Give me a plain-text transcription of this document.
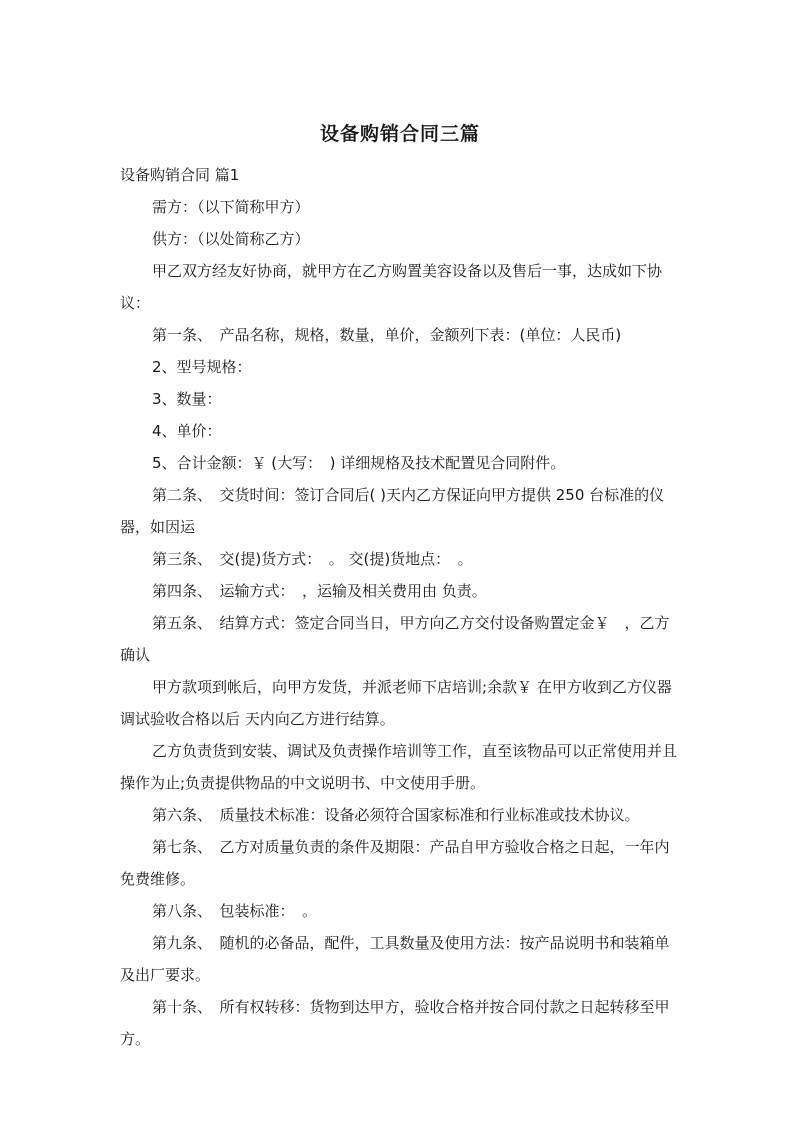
设备购销合同三篇

设备购销合同 篇1

需方：（以下简称甲方）

供方：（以处简称乙方）

甲乙双方经友好协商，就甲方在乙方购置美容设备以及售后一事，达成如下协议：

第一条、　产品名称，规格，数量，单价，金额列下表：(单位：人民币)

2、型号规格：

3、数量：

4、单价：

5、合计金额：￥ (大写：　) 详细规格及技术配置见合同附件。

第二条、　交货时间：签订合同后( )天内乙方保证向甲方提供 250 台标准的仪器，如因运

第三条、　交(提)货方式：　。 交(提)货地点：　。

第四条、　运输方式：　，运输及相关费用由 负责。

第五条、　结算方式：签定合同当日，甲方向乙方交付设备购置定金￥　，乙方确认

甲方款项到帐后，向甲方发货，并派老师下店培训;余款￥ 在甲方收到乙方仪器调试验收合格以后 天内向乙方进行结算。

乙方负责货到安装、调试及负责操作培训等工作，直至该物品可以正常使用并且操作为止;负责提供物品的中文说明书、中文使用手册。

第六条、　质量技术标准：设备必须符合国家标准和行业标准或技术协议。

第七条、　乙方对质量负责的条件及期限：产品自甲方验收合格之日起，一年内免费维修。

第八条、　包装标准：　。

第九条、　随机的必备品，配件，工具数量及使用方法：按产品说明书和装箱单及出厂要求。

第十条、　所有权转移：货物到达甲方，验收合格并按合同付款之日起转移至甲方。
